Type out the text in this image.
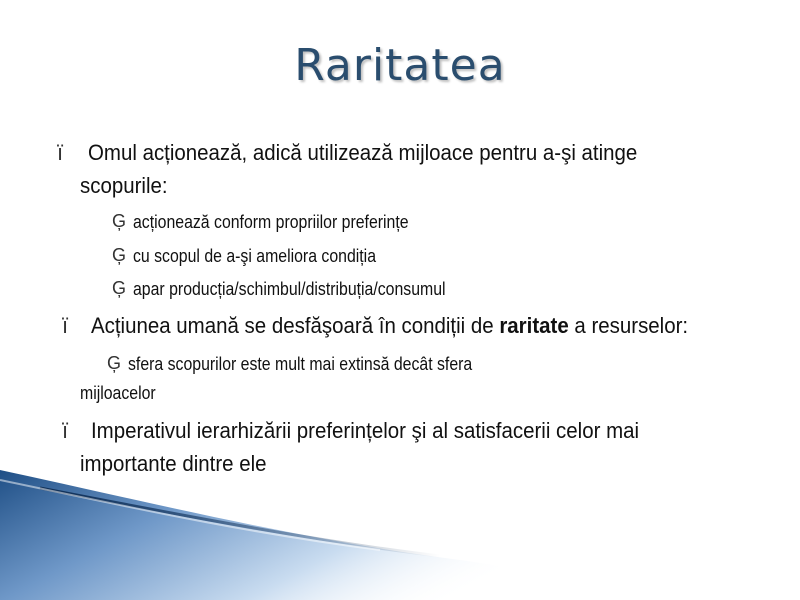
Raritatea
ï Omul acționează, adică utilizează mijloace pentru a-şi atinge
scopurile:
Ģ acționează conform propriilor preferințe
Ģ cu scopul de a-şi ameliora condiția
Ģ apar producția/schimbul/distribuția/consumul
ï Acțiunea umană se desfăşoară în condiții de raritate a resurselor:
Ģ sfera scopurilor este mult mai extinsă decât sfera
mijloacelor
ï Imperativul ierarhizării preferințelor şi al satisfacerii celor mai
importante dintre ele
